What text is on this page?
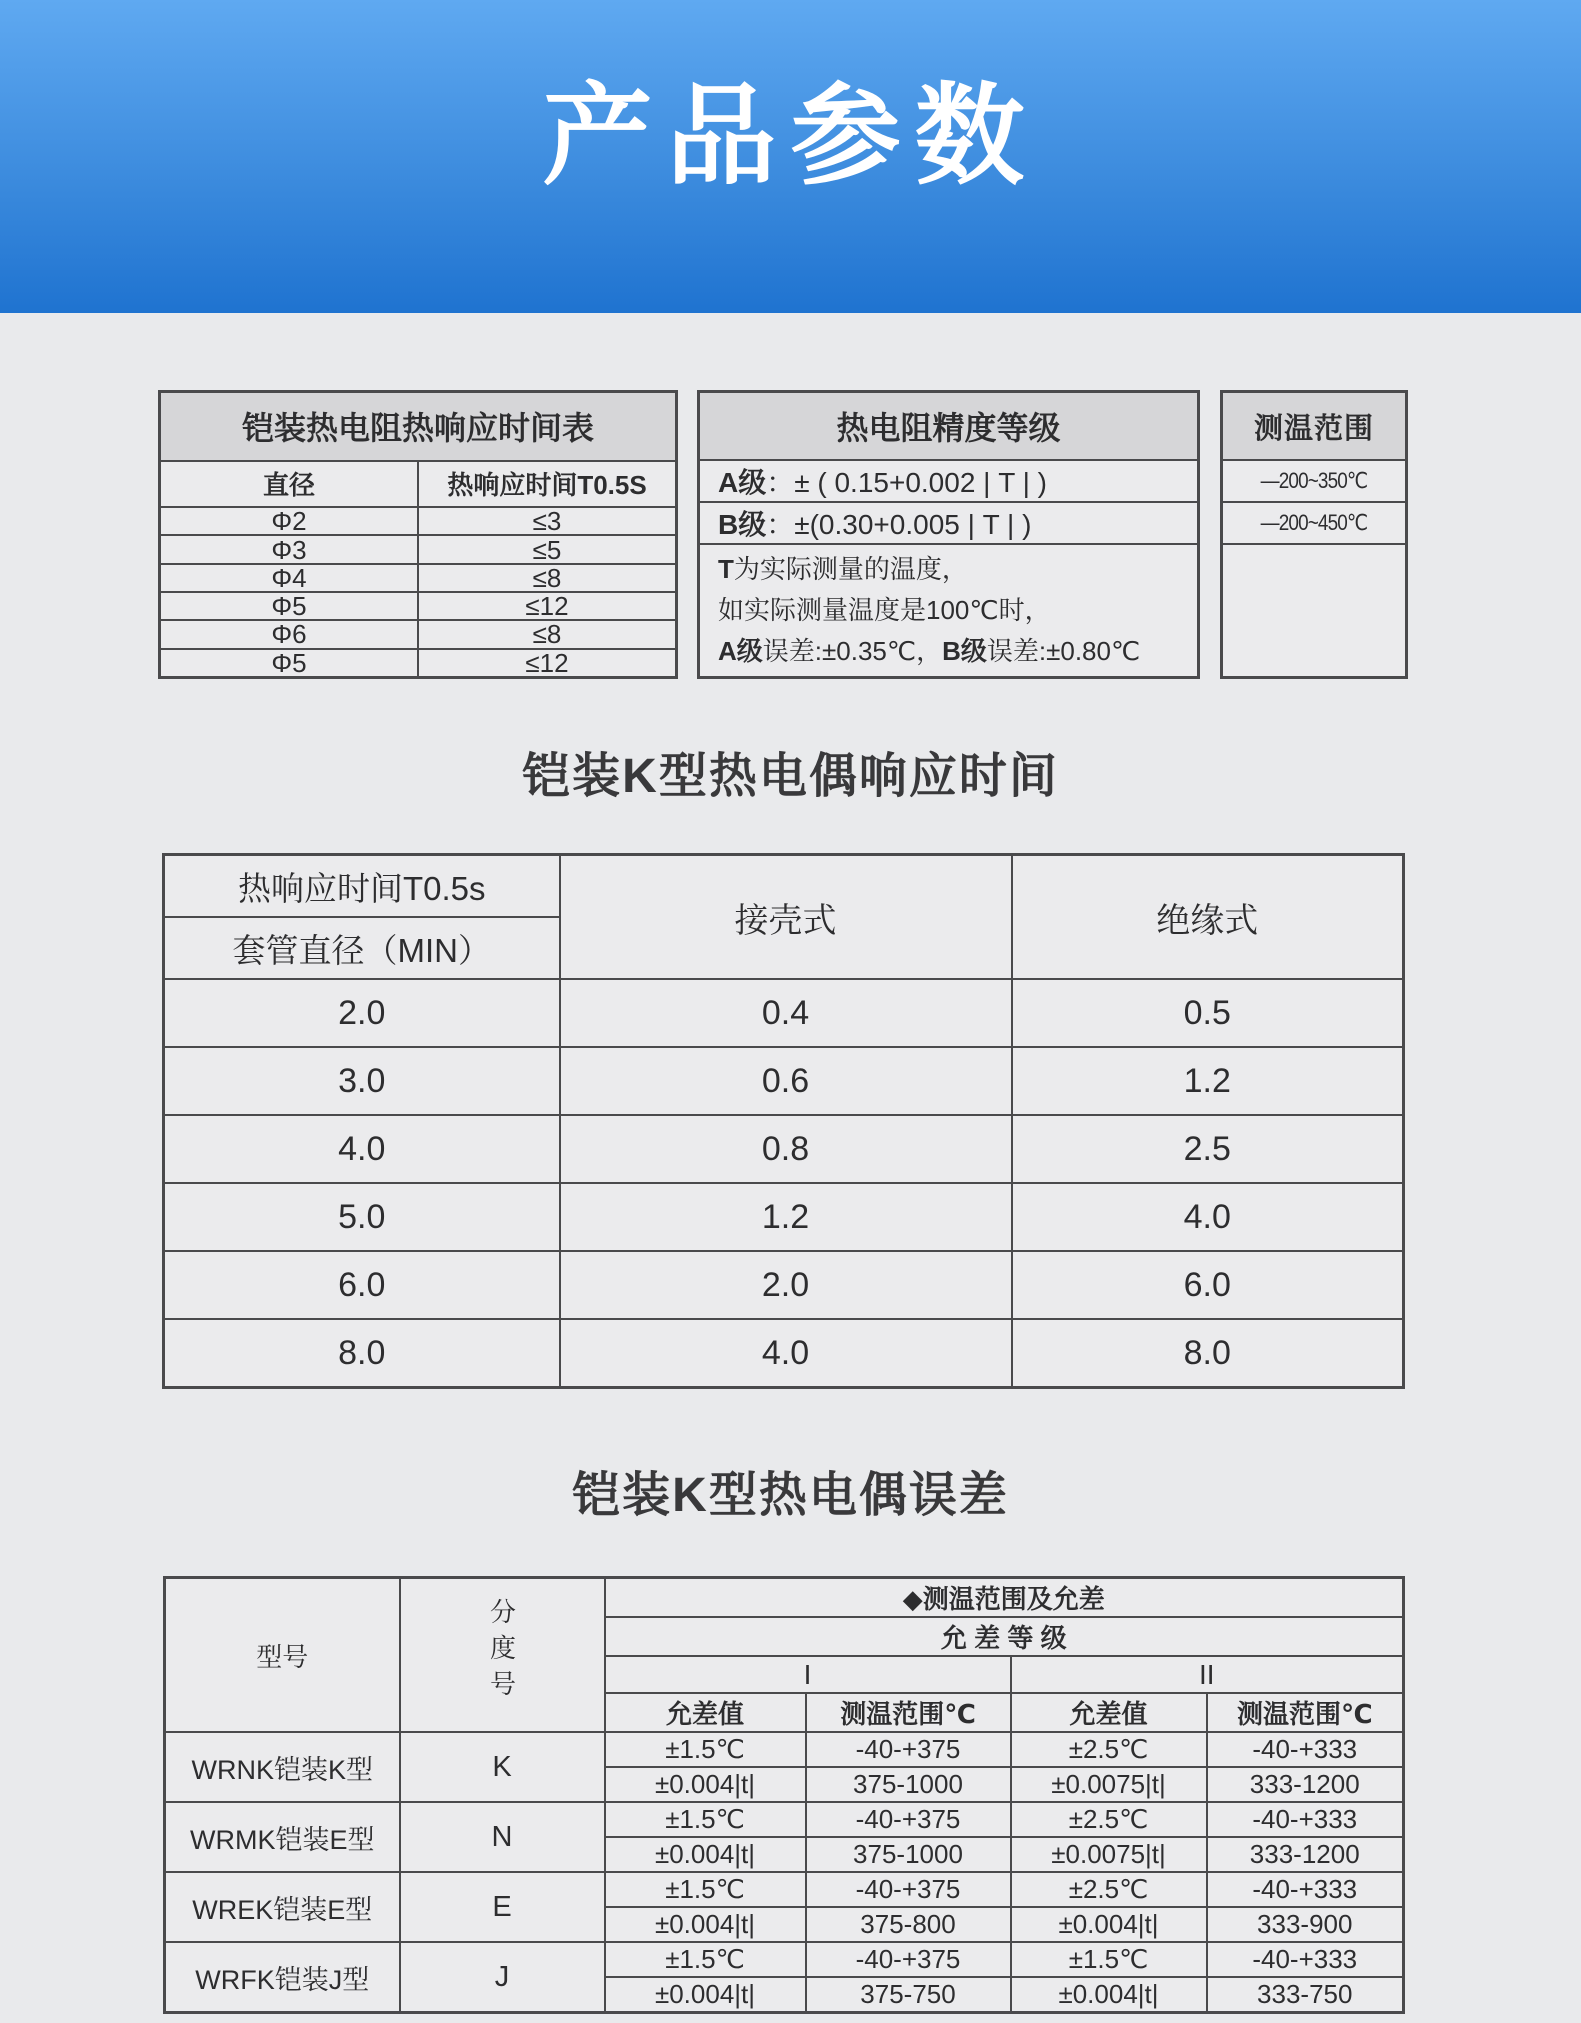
产品参数
铠装热电阻热响应时间表	
直径	热响应时间T0.5S
Φ2	≤3
Φ3	≤5
Φ4	≤8
Φ5	≤12
Φ6	≤8
Φ5	≤12
热电阻精度等级
A级：± ( 0.15+0.002 | T | )
B级：±(0.30+0.005 | T | )

T为实际测量的温度，
如实际测量温度是100℃时，
A级误差:±0.35℃，B级误差:±0.80℃
测温范围
—200~350℃
—200~450℃

铠装K型热电偶响应时间
热响应时间T0.5s	接壳式	绝缘式
套管直径（MIN）		
2.0	0.4	0.5
3.0	0.6	1.2
4.0	0.8	2.5
5.0	1.2	4.0
6.0	2.0	6.0
8.0	4.0	8.0
铠装K型热电偶误差
型号	分度号	◆测温范围及允差			
		允 差 等 级			
		I		II	
		允差值	测温范围℃	允差值	测温范围℃
WRNK铠装K型	K	±1.5℃	-40-+375	±2.5℃	-40-+333
		±0.004|t|	375-1000	±0.0075|t|	333-1200
WRMK铠装E型	N	±1.5℃	-40-+375	±2.5℃	-40-+333
		±0.004|t|	375-1000	±0.0075|t|	333-1200
WREK铠装E型	E	±1.5℃	-40-+375	±2.5℃	-40-+333
		±0.004|t|	375-800	±0.004|t|	333-900
WRFK铠装J型	J	±1.5℃	-40-+375	±1.5℃	-40-+333
		±0.004|t|	375-750	±0.004|t|	333-750
